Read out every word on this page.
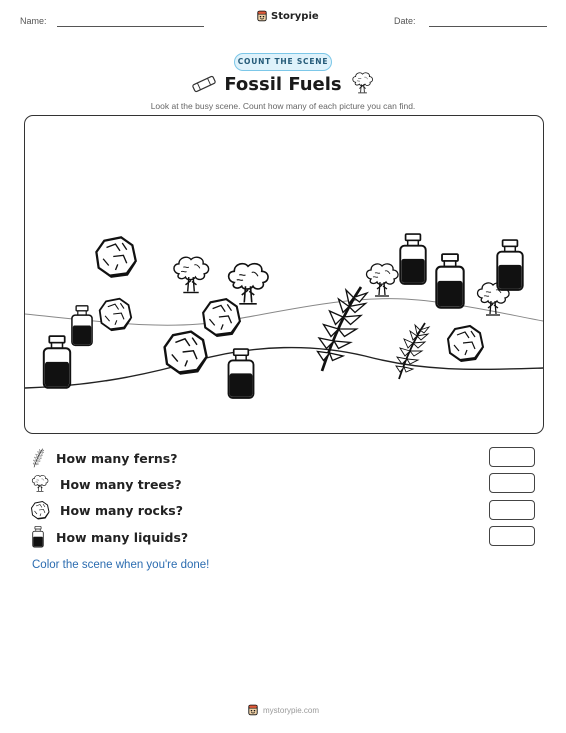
Name:	Storypie	Date:
COUNT THE SCENE
Fossil Fuels
Look at the busy scene. Count how many of each picture you can find.
How many ferns?
How many trees?
How many rocks?
How many liquids?
Color the scene when you're done!
mystorypie.com
